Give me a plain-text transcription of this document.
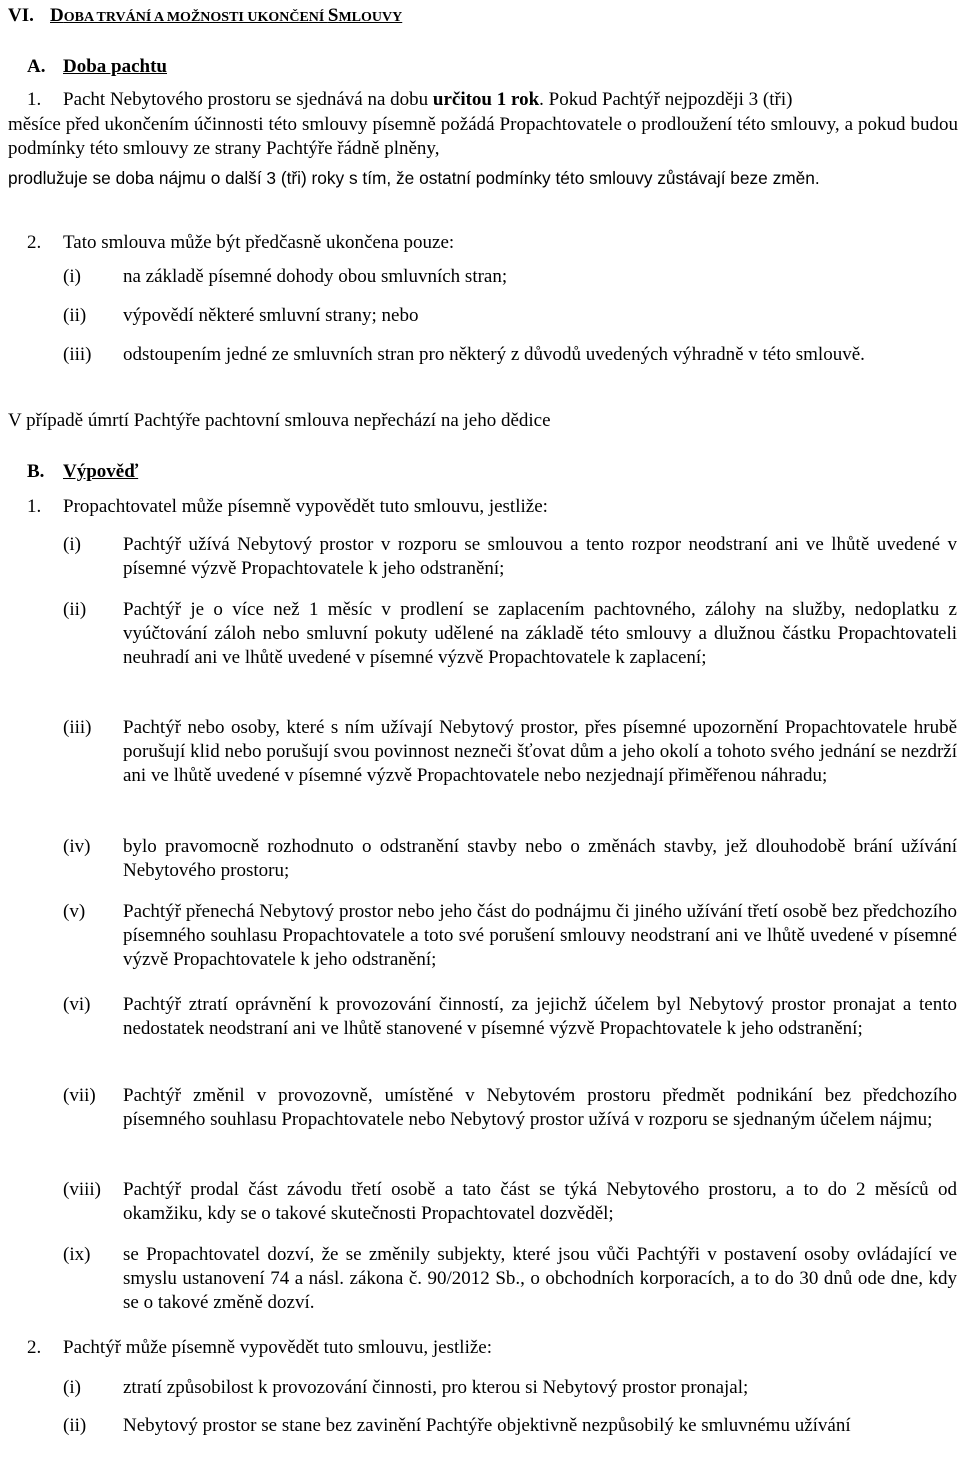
VI. DOBA TRVÁNÍ A MOŽNOSTI UKONČENÍ SMLOUVY
A. Doba pachtu
1. Pacht Nebytového prostoru se sjednává na dobu určitou 1 rok. Pokud Pachtýř nejpozději 3 (tři)
měsíce před ukončením účinnosti této smlouvy písemně požádá Propachtovatele o prodloužení této smlouvy, a pokud budou podmínky této smlouvy ze strany Pachtýře řádně plněny,
prodlužuje se doba nájmu o další 3 (tři) roky s tím, že ostatní podmínky této smlouvy zůstávají beze změn.
2. Tato smlouva může být předčasně ukončena pouze:
(i)	na základě písemné dohody obou smluvních stran;
(ii)	výpovědí některé smluvní strany; nebo
(iii)	odstoupením jedné ze smluvních stran pro některý z důvodů uvedených výhradně v této smlouvě.
V případě úmrtí Pachtýře pachtovní smlouva nepřechází na jeho dědice
B. Výpověď
1. Propachtovatel může písemně vypovědět tuto smlouvu, jestliže:
(i)	Pachtýř užívá Nebytový prostor v rozporu se smlouvou a tento rozpor neodstraní ani ve lhůtě uvedené v písemné výzvě Propachtovatele k jeho odstranění;
(ii)	Pachtýř je o více než 1 měsíc v prodlení se zaplacením pachtovného, zálohy na služby, nedoplatku z vyúčtování záloh nebo smluvní pokuty udělené na základě této smlouvy a dlužnou částku Propachtovateli neuhradí ani ve lhůtě uvedené v písemné výzvě Propachtovatele k zaplacení;
(iii)	Pachtýř nebo osoby, které s ním užívají Nebytový prostor, přes písemné upozornění Propachtovatele hrubě porušují klid nebo porušují svou povinnost nezneči šťovat dům a jeho okolí a tohoto svého jednání se nezdrží ani ve lhůtě uvedené v písemné výzvě Propachtovatele nebo nezjednají přiměřenou náhradu;
(iv)	bylo pravomocně rozhodnuto o odstranění stavby nebo o změnách stavby, jež dlouhodobě brání užívání Nebytového prostoru;
(v)	Pachtýř přenechá Nebytový prostor nebo jeho část do podnájmu či jiného užívání třetí osobě bez předchozího písemného souhlasu Propachtovatele a toto své porušení smlouvy neodstraní ani ve lhůtě uvedené v písemné výzvě Propachtovatele k jeho odstranění;
(vi)	Pachtýř ztratí oprávnění k provozování činností, za jejichž účelem byl Nebytový prostor pronajat a tento nedostatek neodstraní ani ve lhůtě stanovené v písemné výzvě Propachtovatele k jeho odstranění;
(vii)	Pachtýř změnil v provozovně, umístěné v Nebytovém prostoru předmět podnikání bez předchozího písemného souhlasu Propachtovatele nebo Nebytový prostor užívá v rozporu se sjednaným účelem nájmu;
(viii)	Pachtýř prodal část závodu třetí osobě a tato část se týká Nebytového prostoru, a to do 2 měsíců od okamžiku, kdy se o takové skutečnosti Propachtovatel dozvěděl;
(ix)	se Propachtovatel dozví, že se změnily subjekty, které jsou vůči Pachtýři v postavení osoby ovládající ve smyslu ustanovení 74 a násl. zákona č. 90/2012 Sb., o obchodních korporacích, a to do 30 dnů ode dne, kdy se o takové změně dozví.
2. Pachtýř může písemně vypovědět tuto smlouvu, jestliže:
(i)	ztratí způsobilost k provozování činnosti, pro kterou si Nebytový prostor pronajal;
(ii)	Nebytový prostor se stane bez zavinění Pachtýře objektivně nezpůsobilý ke smluvnému užívání
